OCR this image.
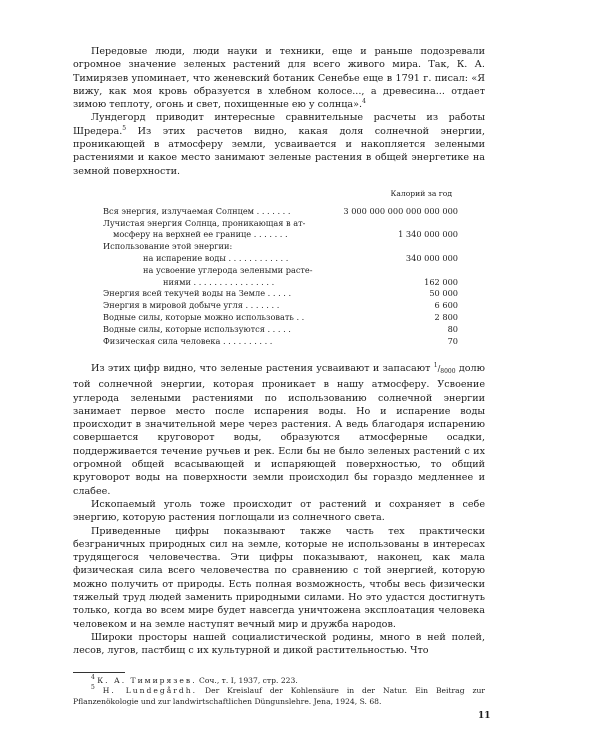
Передовые люди, люди науки и техники, еще и раньше подозревали огромное значение зеленых растений для всего живого мира. Так, К. А. Тимирязев упоминает, что женевский ботаник Сенебье еще в 1791 г. писал: «Я вижу, как моя кровь образуется в хлебном колосе..., а древесина... отдает зимою теплоту, огонь и свет, похищенные ею у солнца».$^4$

Лундегорд приводит интересные сравнительные расчеты из работы Шредера.$^5$ Из этих расчетов видно, какая доля солнечной энергии, проникающей в атмосферу земли, усваивается и накопляется зелеными растениями и какое место занимают зеленые растения в общей энергетике на земной поверхности.

Калорий за год
Вся энергия, излучаемая Солнцем . . . . . . .	3 000 000 000 000 000 000
Лучистая энергия Солнца, проникающая в ат-
мосферу на верхней ее границе . . . . . . .	1 340 000 000
Использование этой энергии:
на испарение воды . . . . . . . . . . . .	340 000 000
на усвоение углерода зелеными расте-
ниями . . . . . . . . . . . . . . . .	162 000
Энергия всей текучей воды на Земле . . . . .	50 000
Энергия в мировой добыче угля . . . . . . .	6 600
Водные силы, которые можно использовать . .	2 800
Водные силы, которые используются . . . . .	80
Физическая сила человека . . . . . . . . . .	70

Из этих цифр видно, что зеленые растения усваивают и запасают $^1/_{8000}$ долю той солнечной энергии, которая проникает в нашу атмосферу. Усвоение углерода зелеными растениями по использованию солнечной энергии занимает первое место после испарения воды. Но и испарение воды происходит в значительной мере через растения. А ведь благодаря испарению совершается круговорот воды, образуются атмосферные осадки, поддерживается течение ручьев и рек. Если бы не было зеленых растений с их огромной общей всасывающей и испаряющей поверхностью, то общий круговорот воды на поверхности земли происходил бы гораздо медленнее и слабее.

Ископаемый уголь тоже происходит от растений и сохраняет в себе энергию, которую растения поглощали из солнечного света.

Приведенные цифры показывают также часть тех практически безграничных природных сил на земле, которые не использованы в интересах трудящегося человечества. Эти цифры показывают, наконец, как мала физическая сила всего человечества по сравнению с той энергией, которую можно получить от природы. Есть полная возможность, чтобы весь физически тяжелый труд людей заменить природными силами. Но это удастся достигнуть только, когда во всем мире будет навсегда уничтожена эксплоатация человека человеком и на земле наступят вечный мир и дружба народов.

Широки просторы нашей социалистической родины, много в ней полей, лесов, лугов, пастбищ с их культурной и дикой растительностью. Что

$^4$ К. А. Тимирязев. Соч., т. I, 1937, стр. 223.

$^5$ H. Lundegårdh. Der Kreislauf der Kohlensäure in der Natur. Ein Beitrag zur Pflanzenökologie und zur landwirtschaftlichen Düngunslehre. Jena, 1924, S. 68.

11
